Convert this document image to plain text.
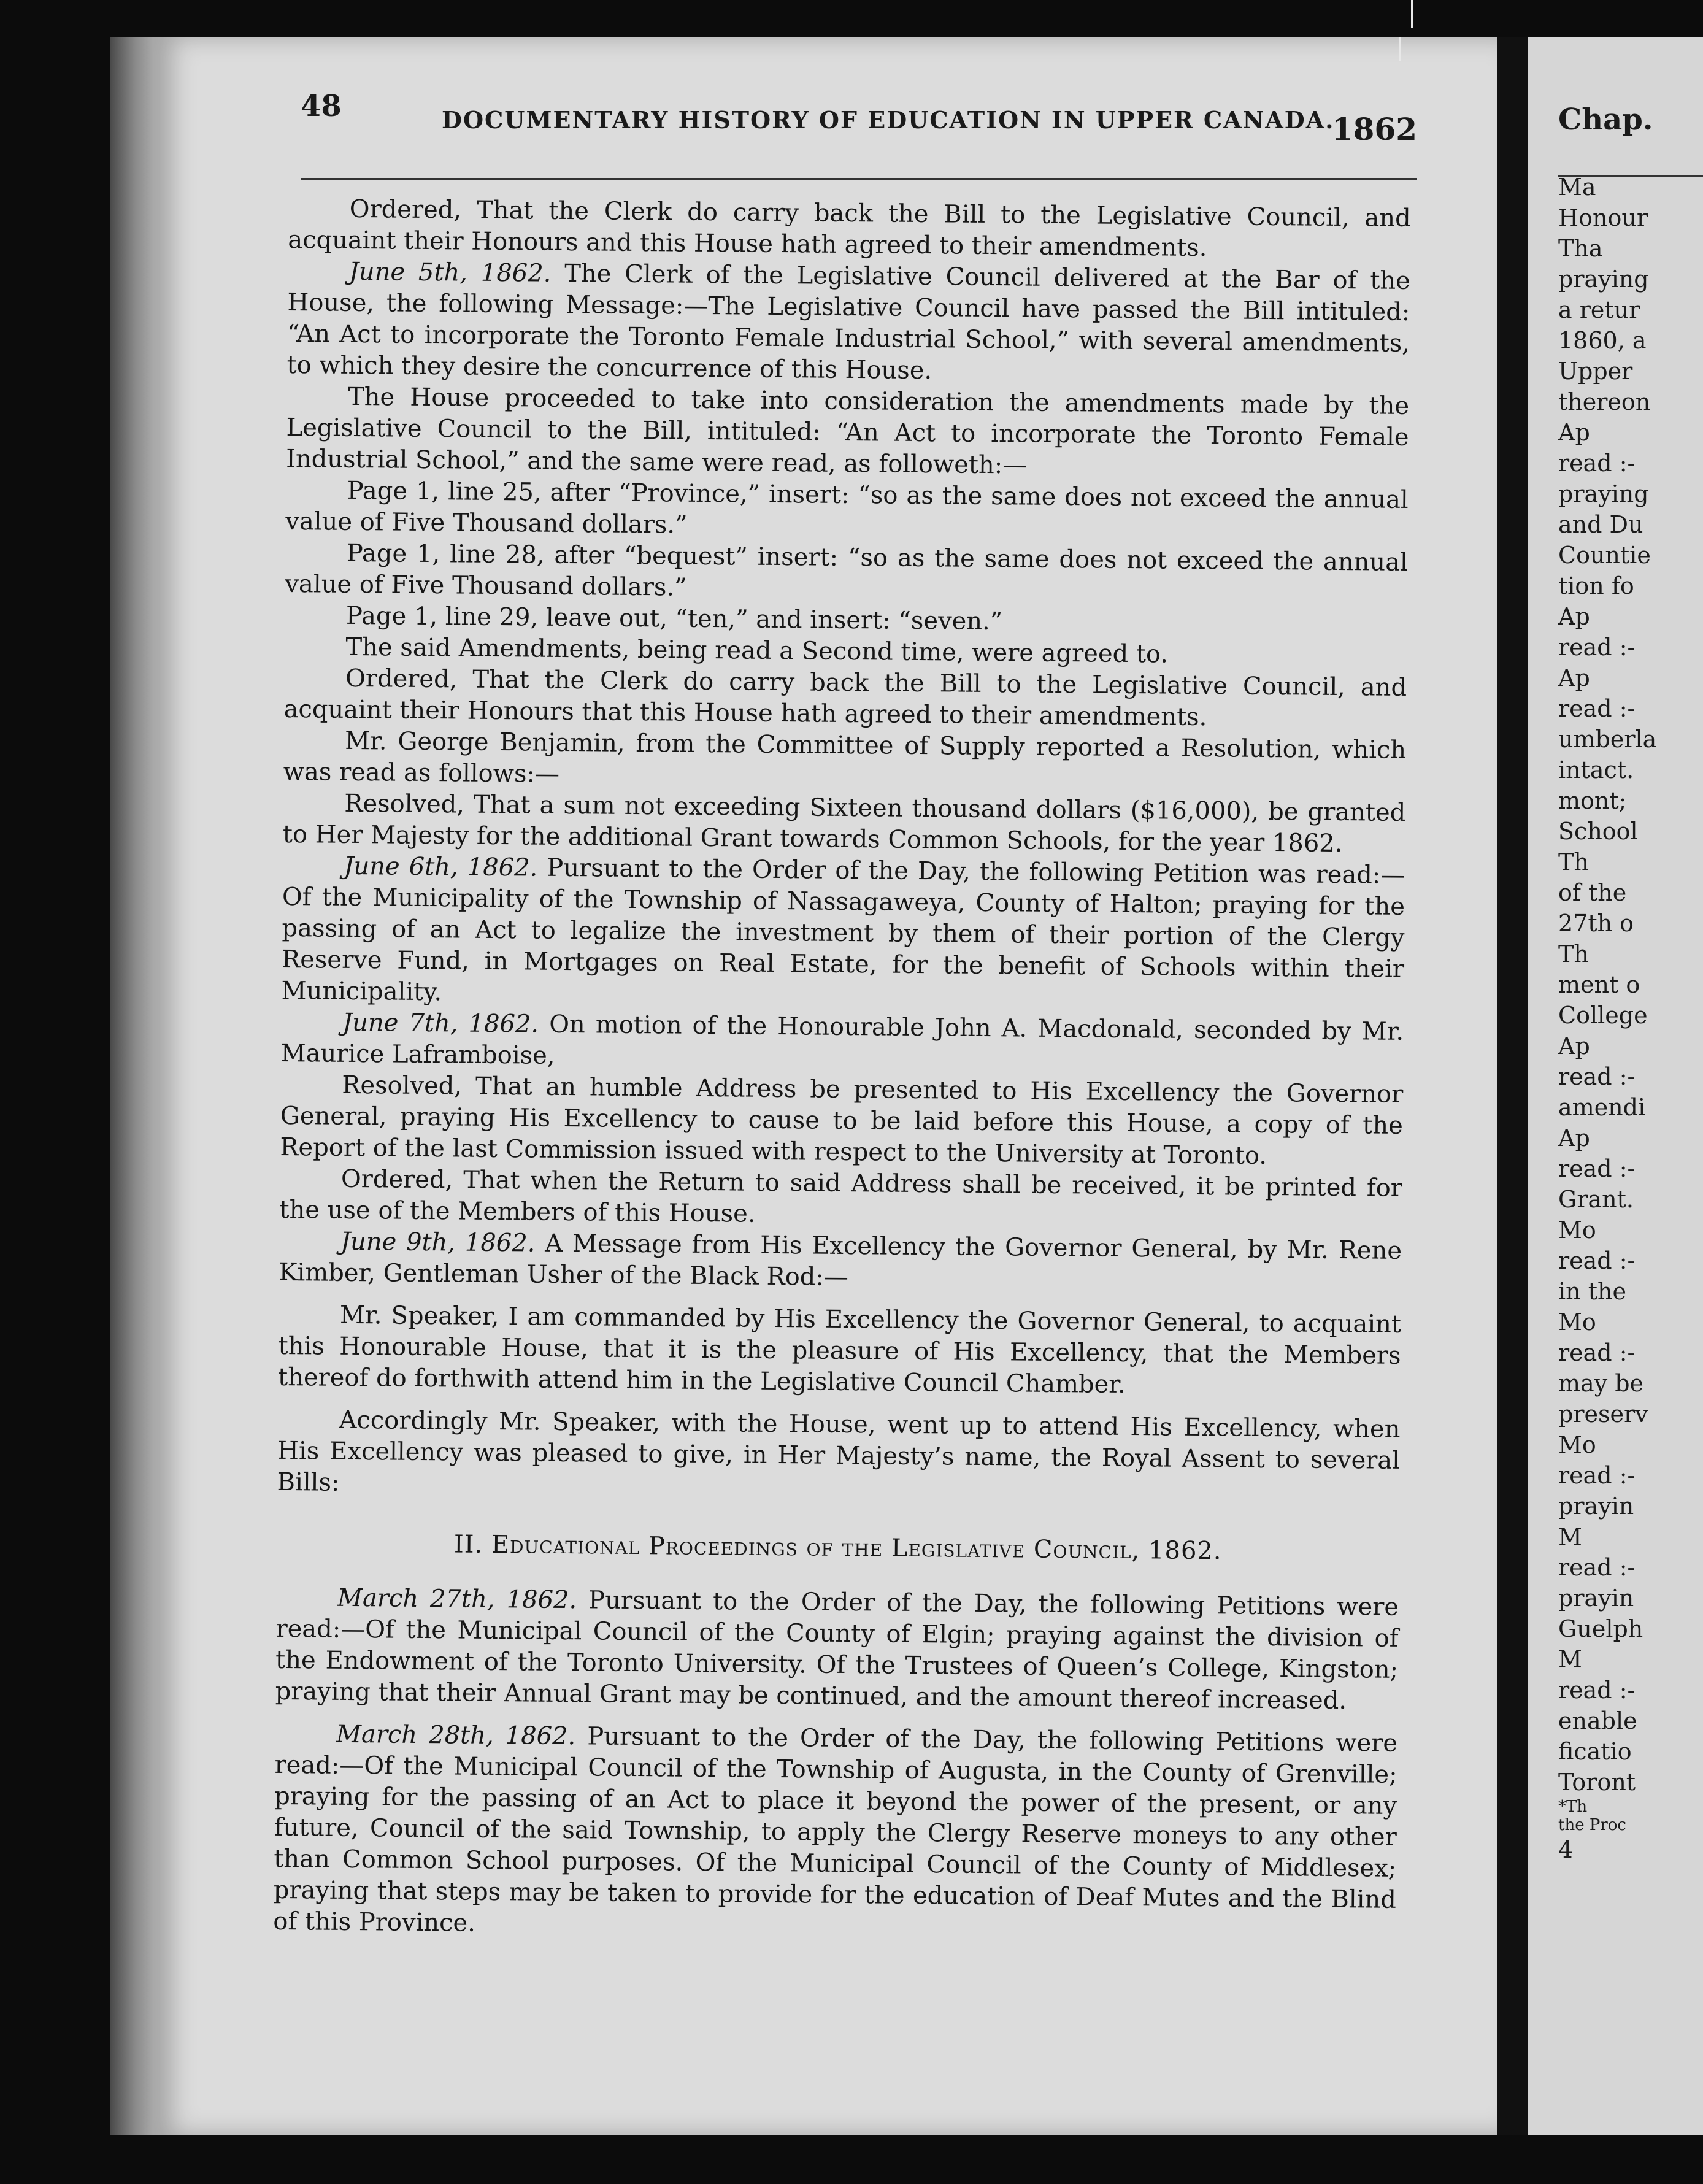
48	DOCUMENTARY HISTORY OF EDUCATION IN UPPER CANADA.
1862

Ordered, That the Clerk do carry back the Bill to the Legislative Council, and acquaint their Honours and this House hath agreed to their amendments.

June 5th, 1862. The Clerk of the Legislative Council delivered at the Bar of the House, the following Message:—The Legislative Council have passed the Bill intituled: “An Act to incorporate the Toronto Female Industrial School,” with several amendments, to which they desire the concurrence of this House.

The House proceeded to take into consideration the amendments made by the Legislative Council to the Bill, intituled: “An Act to incorporate the Toronto Female Industrial School,” and the same were read, as followeth:—

Page 1, line 25, after “Province,” insert: “so as the same does not exceed the annual value of Five Thousand dollars.”

Page 1, line 28, after “bequest” insert: “so as the same does not exceed the annual value of Five Thousand dollars.”

Page 1, line 29, leave out, “ten,” and insert: “seven.”

The said Amendments, being read a Second time, were agreed to.

Ordered, That the Clerk do carry back the Bill to the Legislative Council, and acquaint their Honours that this House hath agreed to their amendments.

Mr. George Benjamin, from the Committee of Supply reported a Resolution, which was read as follows:—

Resolved, That a sum not exceeding Sixteen thousand dollars ($16,000), be granted to Her Majesty for the additional Grant towards Common Schools, for the year 1862.

June 6th, 1862. Pursuant to the Order of the Day, the following Petition was read:—Of the Municipality of the Township of Nassagaweya, County of Halton; praying for the passing of an Act to legalize the investment by them of their portion of the Clergy Reserve Fund, in Mortgages on Real Estate, for the benefit of Schools within their Municipality.

June 7th, 1862. On motion of the Honourable John A. Macdonald, seconded by Mr. Maurice Laframboise,

Resolved, That an humble Address be presented to His Excellency the Governor General, praying His Excellency to cause to be laid before this House, a copy of the Report of the last Commission issued with respect to the University at Toronto.

Ordered, That when the Return to said Address shall be received, it be printed for the use of the Members of this House.

June 9th, 1862. A Message from His Excellency the Governor General, by Mr. Rene Kimber, Gentleman Usher of the Black Rod:—

Mr. Speaker, I am commanded by His Excellency the Governor General, to acquaint this Honourable House, that it is the pleasure of His Excellency, that the Members thereof do forthwith attend him in the Legislative Council Chamber.

Accordingly Mr. Speaker, with the House, went up to attend His Excellency, when His Excellency was pleased to give, in Her Majesty’s name, the Royal Assent to several Bills:

II. Educational Proceedings of the Legislative Council, 1862.

March 27th, 1862. Pursuant to the Order of the Day, the following Petitions were read:—Of the Municipal Council of the County of Elgin; praying against the division of the Endowment of the Toronto University. Of the Trustees of Queen’s College, Kingston; praying that their Annual Grant may be continued, and the amount thereof increased.

March 28th, 1862. Pursuant to the Order of the Day, the following Petitions were read:—Of the Municipal Council of the Township of Augusta, in the County of Grenville; praying for the passing of an Act to place it beyond the power of the present, or any future, Council of the said Township, to apply the Clergy Reserve moneys to any other than Common School purposes. Of the Municipal Council of the County of Middlesex; praying that steps may be taken to provide for the education of Deaf Mutes and the Blind of this Province.

Chap.
Ma
Honour
Tha
praying
a retur
1860, a
Upper
thereon
Ap
read :-
praying
and Du
Countie
tion fo
Ap
read :-
Ap
read :-
umberla
intact.
mont;
School
Th
of the
27th o
Th
ment o
College
Ap
read :-
amendi
Ap
read :-
Grant.
Mo
read :-
in the
Mo
read :-
may be
preserv
Mo
read :-
prayin
M
read :-
prayin
Guelph
M
read :-
enable
ficatio
Toront
*Th
the Proc
4
